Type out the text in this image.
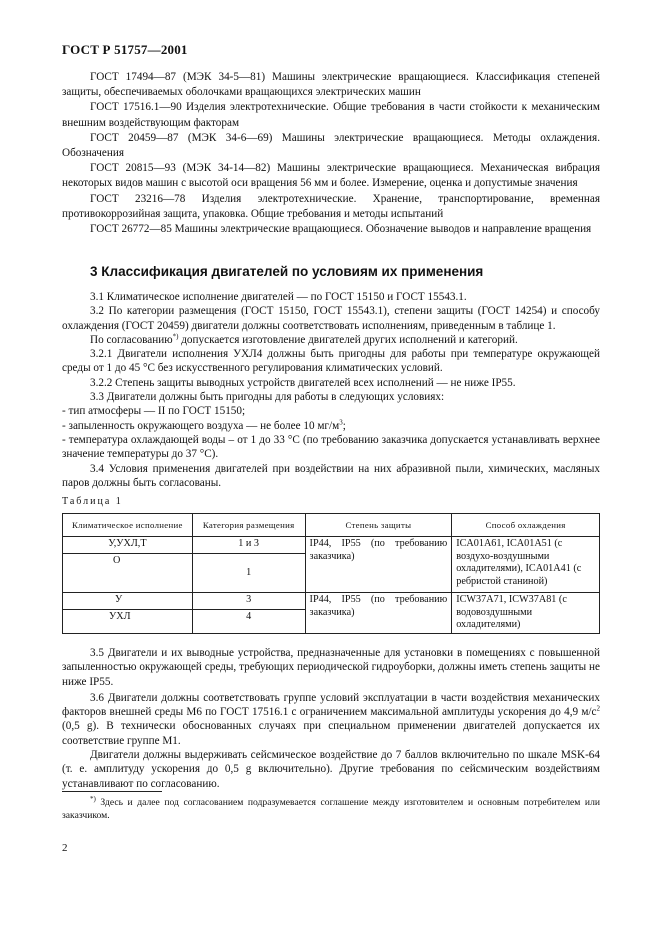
ГОСТ Р 51757—2001

ГОСТ 17494—87 (МЭК 34-5—81) Машины электрические вращающиеся. Классификация степеней защиты, обеспечиваемых оболочками вращающихся электрических машин

ГОСТ 17516.1—90 Изделия электротехнические. Общие требования в части стойкости к механическим внешним воздействующим факторам

ГОСТ 20459—87 (МЭК 34-6—69) Машины электрические вращающиеся. Методы охлаждения. Обозначения

ГОСТ 20815—93 (МЭК 34-14—82) Машины электрические вращающиеся. Механическая вибрация некоторых видов машин с высотой оси вращения 56 мм и более. Измерение, оценка и допустимые значения

ГОСТ 23216—78 Изделия электротехнические. Хранение, транспортирование, временная противокоррозийная защита, упаковка. Общие требования и методы испытаний

ГОСТ 26772—85 Машины электрические вращающиеся. Обозначение выводов и направление вращения

3 Классификация двигателей по условиям их применения

3.1 Климатическое исполнение двигателей — по ГОСТ 15150 и ГОСТ 15543.1.

3.2 По категории размещения (ГОСТ 15150, ГОСТ 15543.1), степени защиты (ГОСТ 14254) и способу охлаждения (ГОСТ 20459) двигатели должны соответствовать исполнениям, приведенным в таблице 1.

По согласованию*) допускается изготовление двигателей других исполнений и категорий.

3.2.1 Двигатели исполнения УХЛ4 должны быть пригодны для работы при температуре окружающей среды от 1 до 45 °С без искусственного регулирования климатических условий.

3.2.2 Степень защиты выводных устройств двигателей всех исполнений — не ниже IP55.

3.3 Двигатели должны быть пригодны для работы в следующих условиях:

- тип атмосферы — II по ГОСТ 15150;

- запыленность окружающего воздуха — не более 10 $мг/м^3$;

- температура охлаждающей воды – от 1 до 33 °С (по требованию заказчика допускается устанавливать верхнее значение температуры до 37 °С).

3.4 Условия применения двигателей при воздействии на них абразивной пыли, химических, масляных паров должны быть согласованы.

Таблица 1
Климатическое исполнение	Категория размещения	Степень защиты	Способ охлаждения
У,УХЛ,Т	1 и 3	IP44, IP55 (по требованию заказчика)	ICA01A61, ICA01A51 (с воздухо-воздушными охладителями), ICA01A41 (с ребристой станиной)
О	1		
У	3	IP44, IP55 (по требованию заказчика)	ICW37A71, ICW37A81 (с водовоздушными охладителями)
УХЛ	4		

3.5 Двигатели и их выводные устройства, предназначенные для установки в помещениях с повышенной запыленностью окружающей среды, требующих периодической гидроуборки, должны иметь степень защиты не ниже IP55.

3.6 Двигатели должны соответствовать группе условий эксплуатации в части воздействия механических факторов внешней среды М6 по ГОСТ 17516.1 с ограничением максимальной амплитуды ускорения до 4,9 $м/с^2$ (0,5 g). В технически обоснованных случаях при специальном применении двигателей допускается их соответствие группе М1.

Двигатели должны выдерживать сейсмическое воздействие до 7 баллов включительно по шкале MSK-64 (т. е. амплитуду ускорения до 0,5 g включительно). Другие требования по сейсмическим воздействиям устанавливают по согласованию.

*) Здесь и далее под согласованием подразумевается соглашение между изготовителем и основным потребителем или заказчиком.
2
